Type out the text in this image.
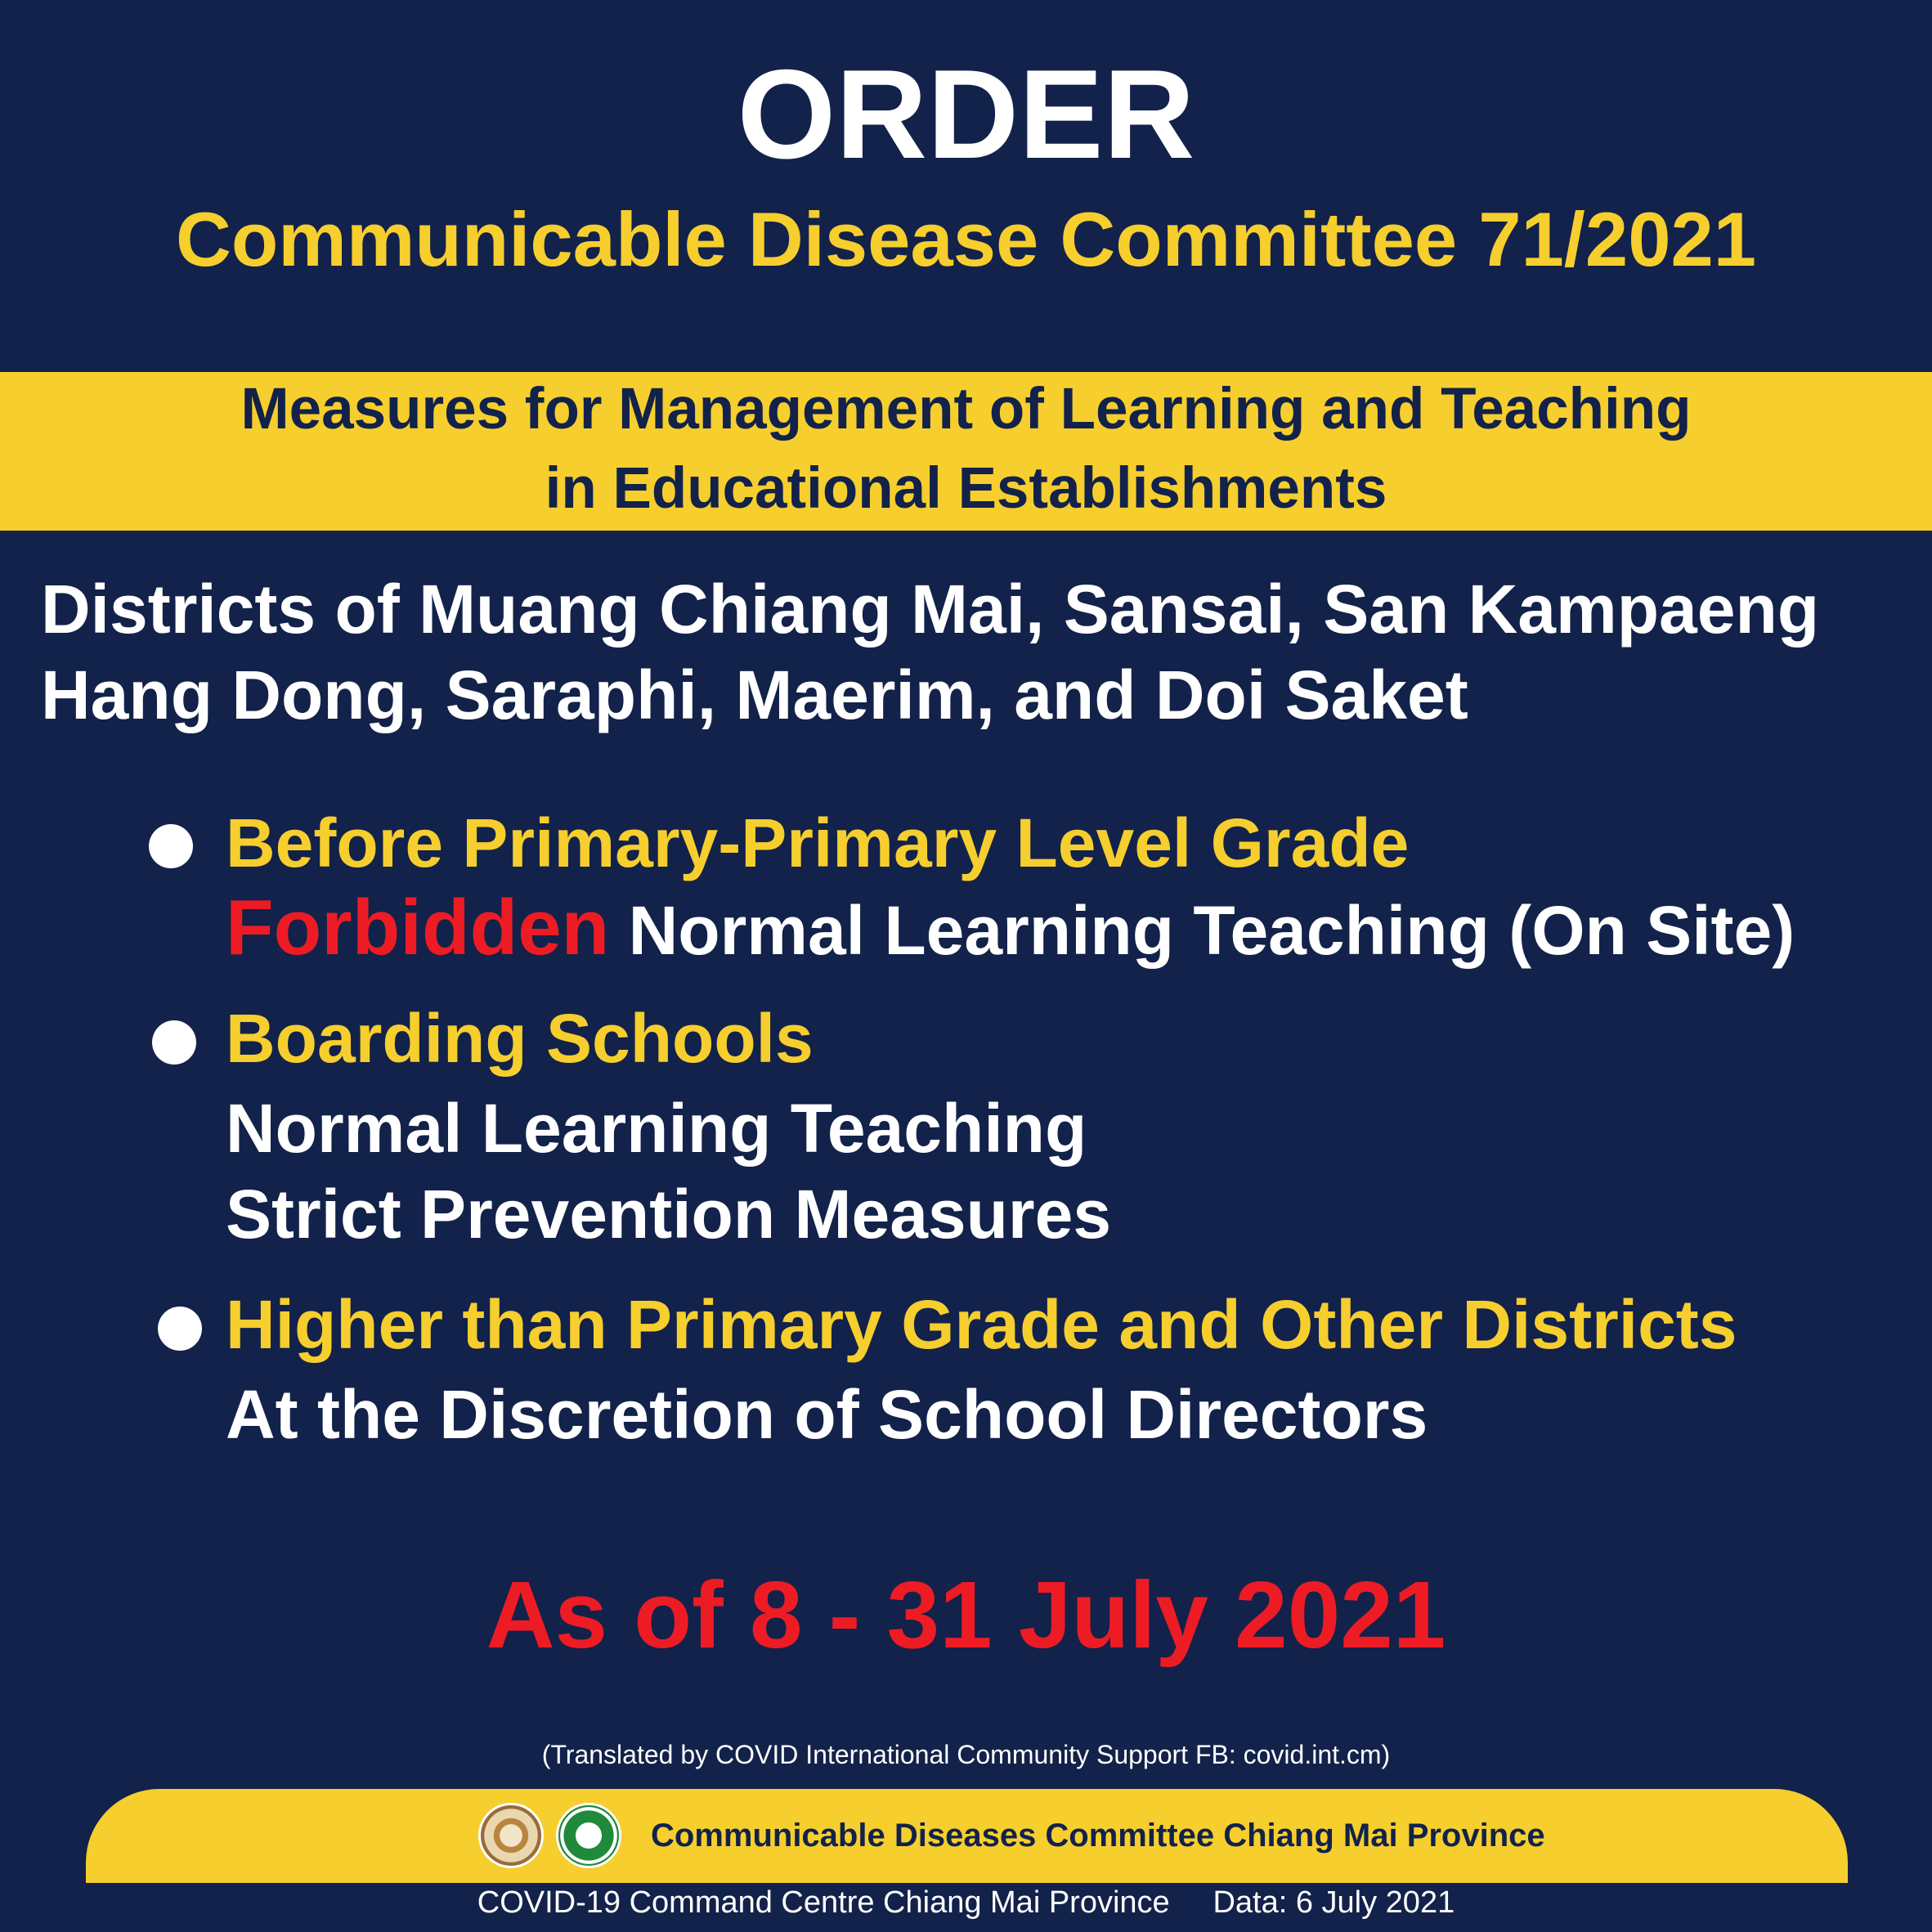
ORDER
Communicable Disease Committee 71/2021
Measures for Management of Learning and Teaching
in Educational Establishments
Districts of Muang Chiang Mai, Sansai, San Kampaeng
Hang Dong, Saraphi, Maerim, and Doi Saket
Before Primary-Primary Level Grade
Forbidden Normal Learning Teaching (On Site)
Boarding Schools
Normal Learning Teaching
Strict Prevention Measures
Higher than Primary Grade and Other Districts
At the Discretion of School Directors
As of 8 - 31 July 2021
(Translated by COVID International Community Support FB: covid.int.cm)
Communicable Diseases Committee Chiang Mai Province
COVID-19 Command Centre Chiang Mai Province Data: 6 July 2021
